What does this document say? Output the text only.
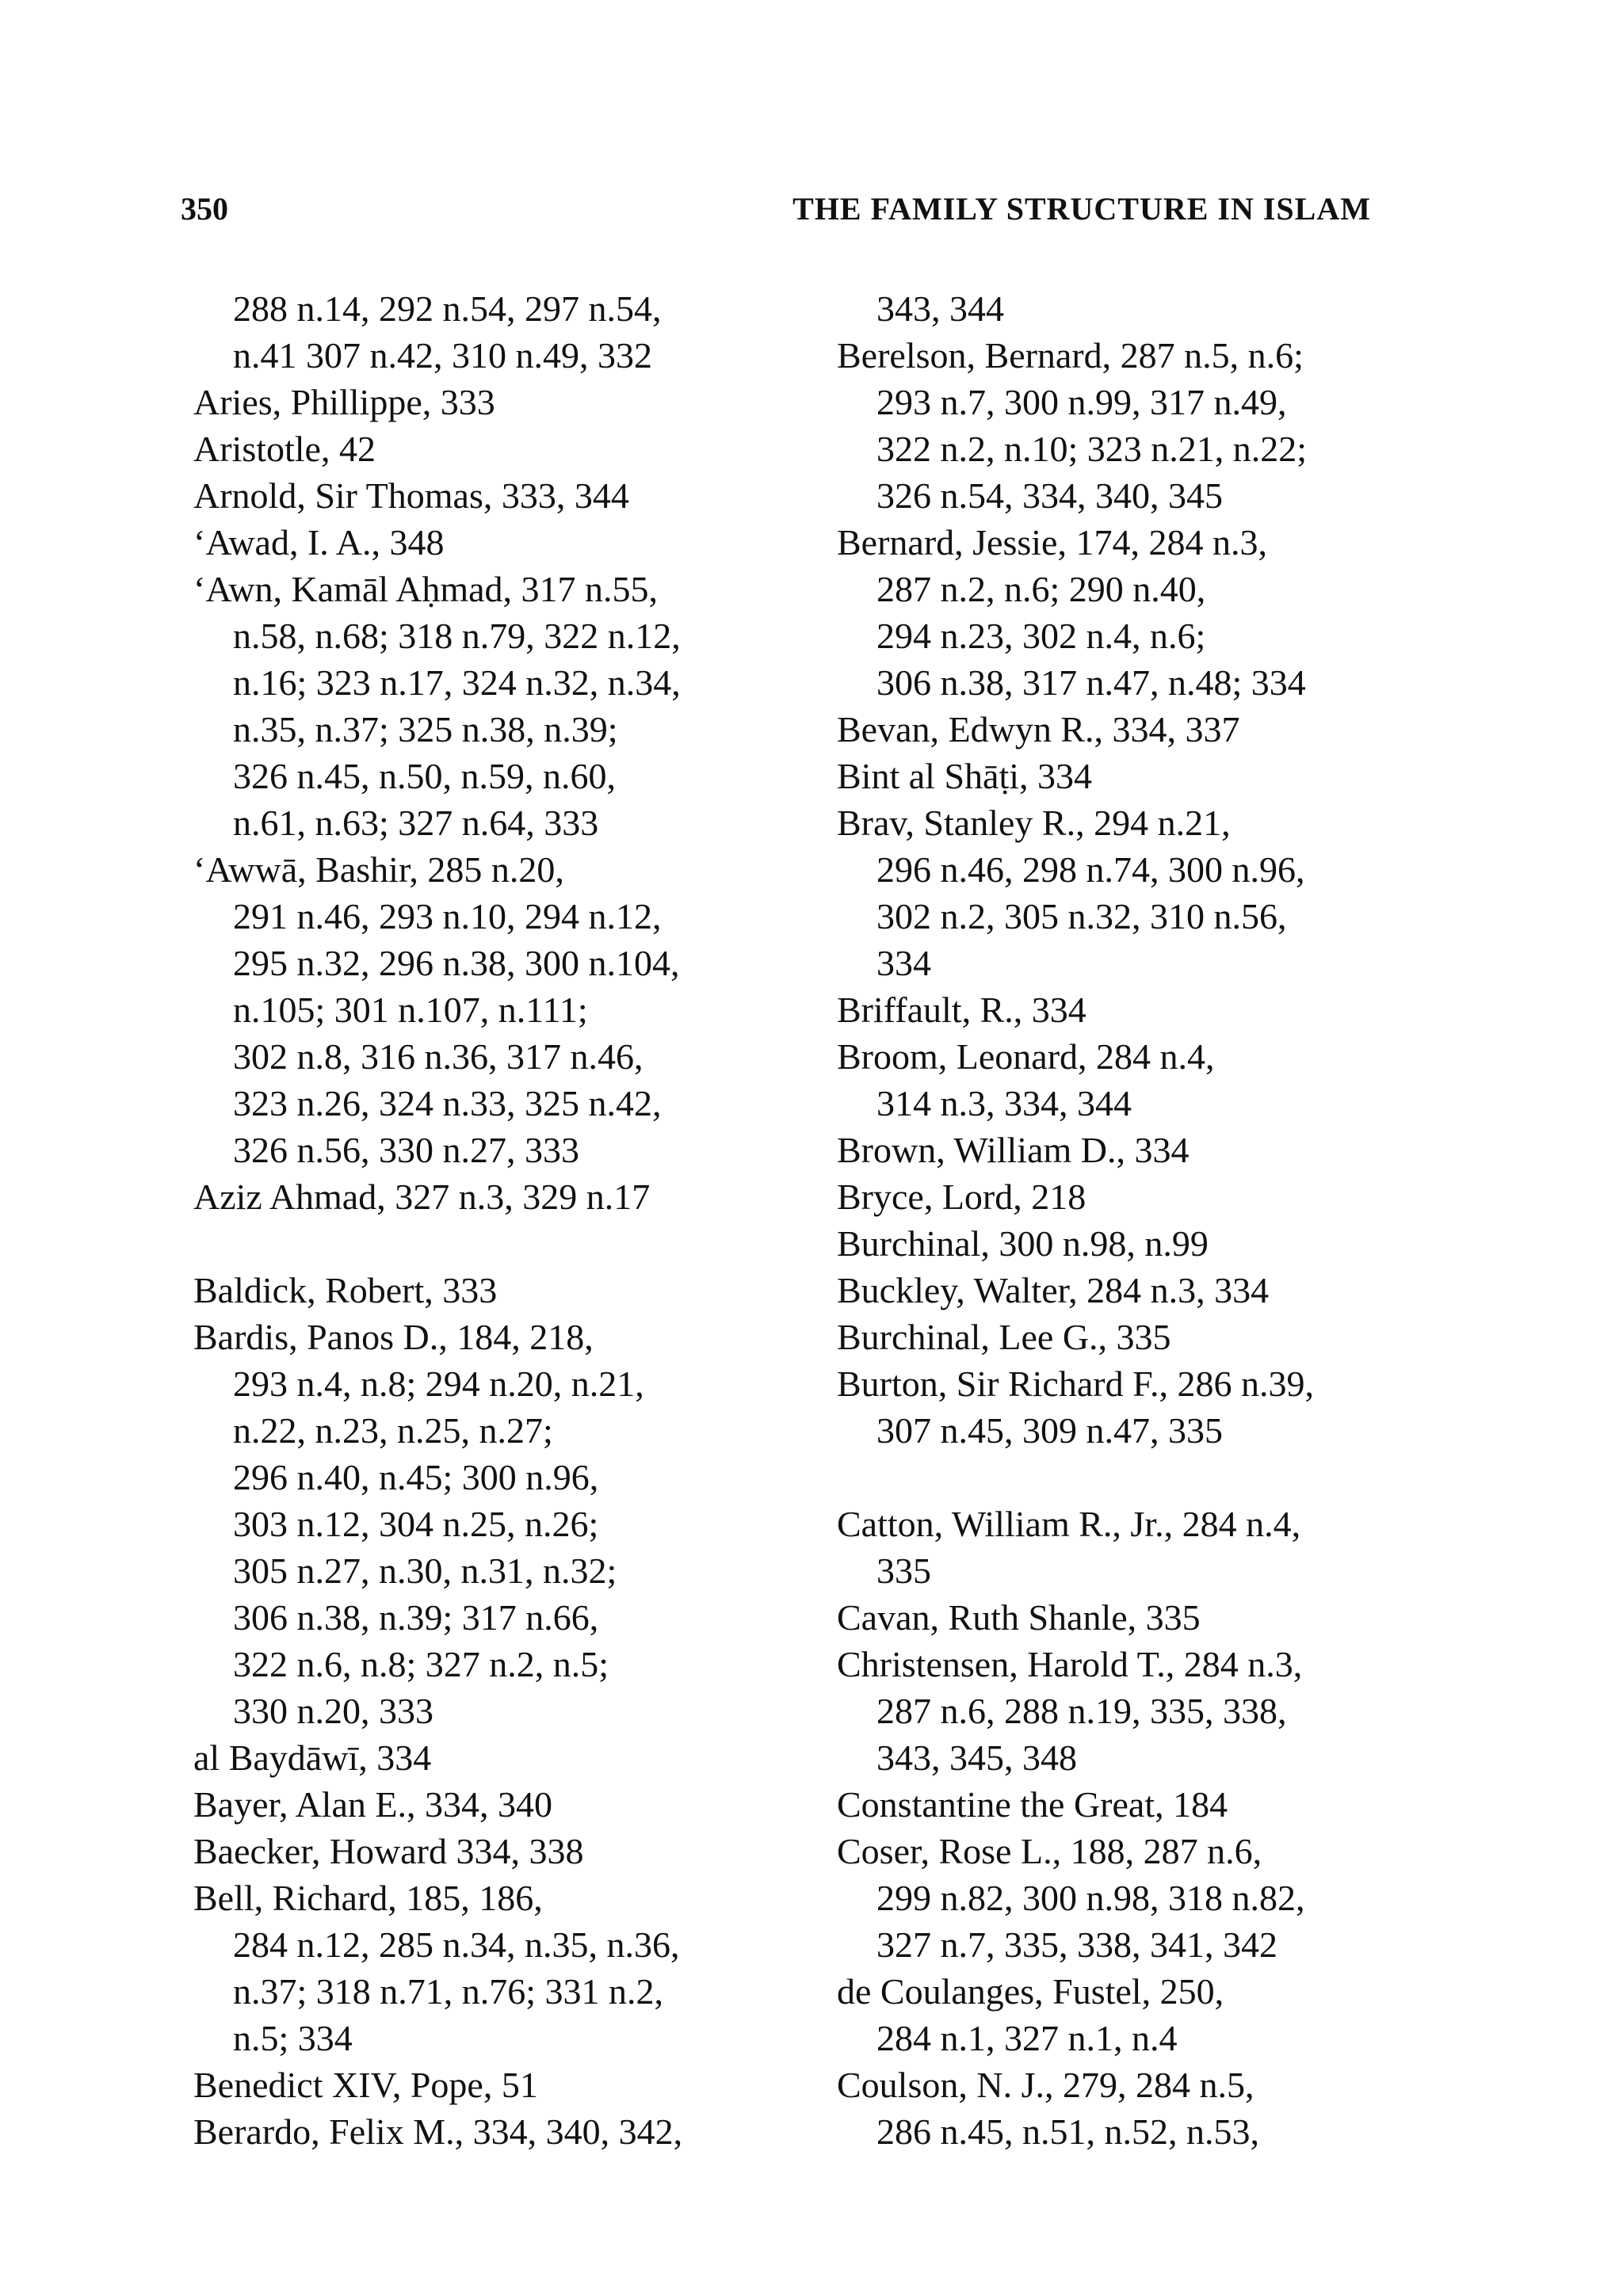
350	THE FAMILY STRUCTURE IN ISLAM
288 n.14, 292 n.54, 297 n.54,
n.41 307 n.42, 310 n.49, 332
Aries, Phillippe, 333
Aristotle, 42
Arnold, Sir Thomas, 333, 344
‘Awad, I. A., 348
‘Awn, Kamāl Aḥmad, 317 n.55,
n.58, n.68; 318 n.79, 322 n.12,
n.16; 323 n.17, 324 n.32, n.34,
n.35, n.37; 325 n.38, n.39;
326 n.45, n.50, n.59, n.60,
n.61, n.63; 327 n.64, 333
‘Awwā, Bashir, 285 n.20,
291 n.46, 293 n.10, 294 n.12,
295 n.32, 296 n.38, 300 n.104,
n.105; 301 n.107, n.111;
302 n.8, 316 n.36, 317 n.46,
323 n.26, 324 n.33, 325 n.42,
326 n.56, 330 n.27, 333
Aziz Ahmad, 327 n.3, 329 n.17
Baldick, Robert, 333
Bardis, Panos D., 184, 218,
293 n.4, n.8; 294 n.20, n.21,
n.22, n.23, n.25, n.27;
296 n.40, n.45; 300 n.96,
303 n.12, 304 n.25, n.26;
305 n.27, n.30, n.31, n.32;
306 n.38, n.39; 317 n.66,
322 n.6, n.8; 327 n.2, n.5;
330 n.20, 333
al Baydāwī, 334
Bayer, Alan E., 334, 340
Baecker, Howard 334, 338
Bell, Richard, 185, 186,
284 n.12, 285 n.34, n.35, n.36,
n.37; 318 n.71, n.76; 331 n.2,
n.5; 334
Benedict XIV, Pope, 51
Berardo, Felix M., 334, 340, 342,
343, 344
Berelson, Bernard, 287 n.5, n.6;
293 n.7, 300 n.99, 317 n.49,
322 n.2, n.10; 323 n.21, n.22;
326 n.54, 334, 340, 345
Bernard, Jessie, 174, 284 n.3,
287 n.2, n.6; 290 n.40,
294 n.23, 302 n.4, n.6;
306 n.38, 317 n.47, n.48; 334
Bevan, Edwyn R., 334, 337
Bint al Shāṭi, 334
Brav, Stanley R., 294 n.21,
296 n.46, 298 n.74, 300 n.96,
302 n.2, 305 n.32, 310 n.56,
334
Briffault, R., 334
Broom, Leonard, 284 n.4,
314 n.3, 334, 344
Brown, William D., 334
Bryce, Lord, 218
Burchinal, 300 n.98, n.99
Buckley, Walter, 284 n.3, 334
Burchinal, Lee G., 335
Burton, Sir Richard F., 286 n.39,
307 n.45, 309 n.47, 335
Catton, William R., Jr., 284 n.4,
335
Cavan, Ruth Shanle, 335
Christensen, Harold T., 284 n.3,
287 n.6, 288 n.19, 335, 338,
343, 345, 348
Constantine the Great, 184
Coser, Rose L., 188, 287 n.6,
299 n.82, 300 n.98, 318 n.82,
327 n.7, 335, 338, 341, 342
de Coulanges, Fustel, 250,
284 n.1, 327 n.1, n.4
Coulson, N. J., 279, 284 n.5,
286 n.45, n.51, n.52, n.53,
